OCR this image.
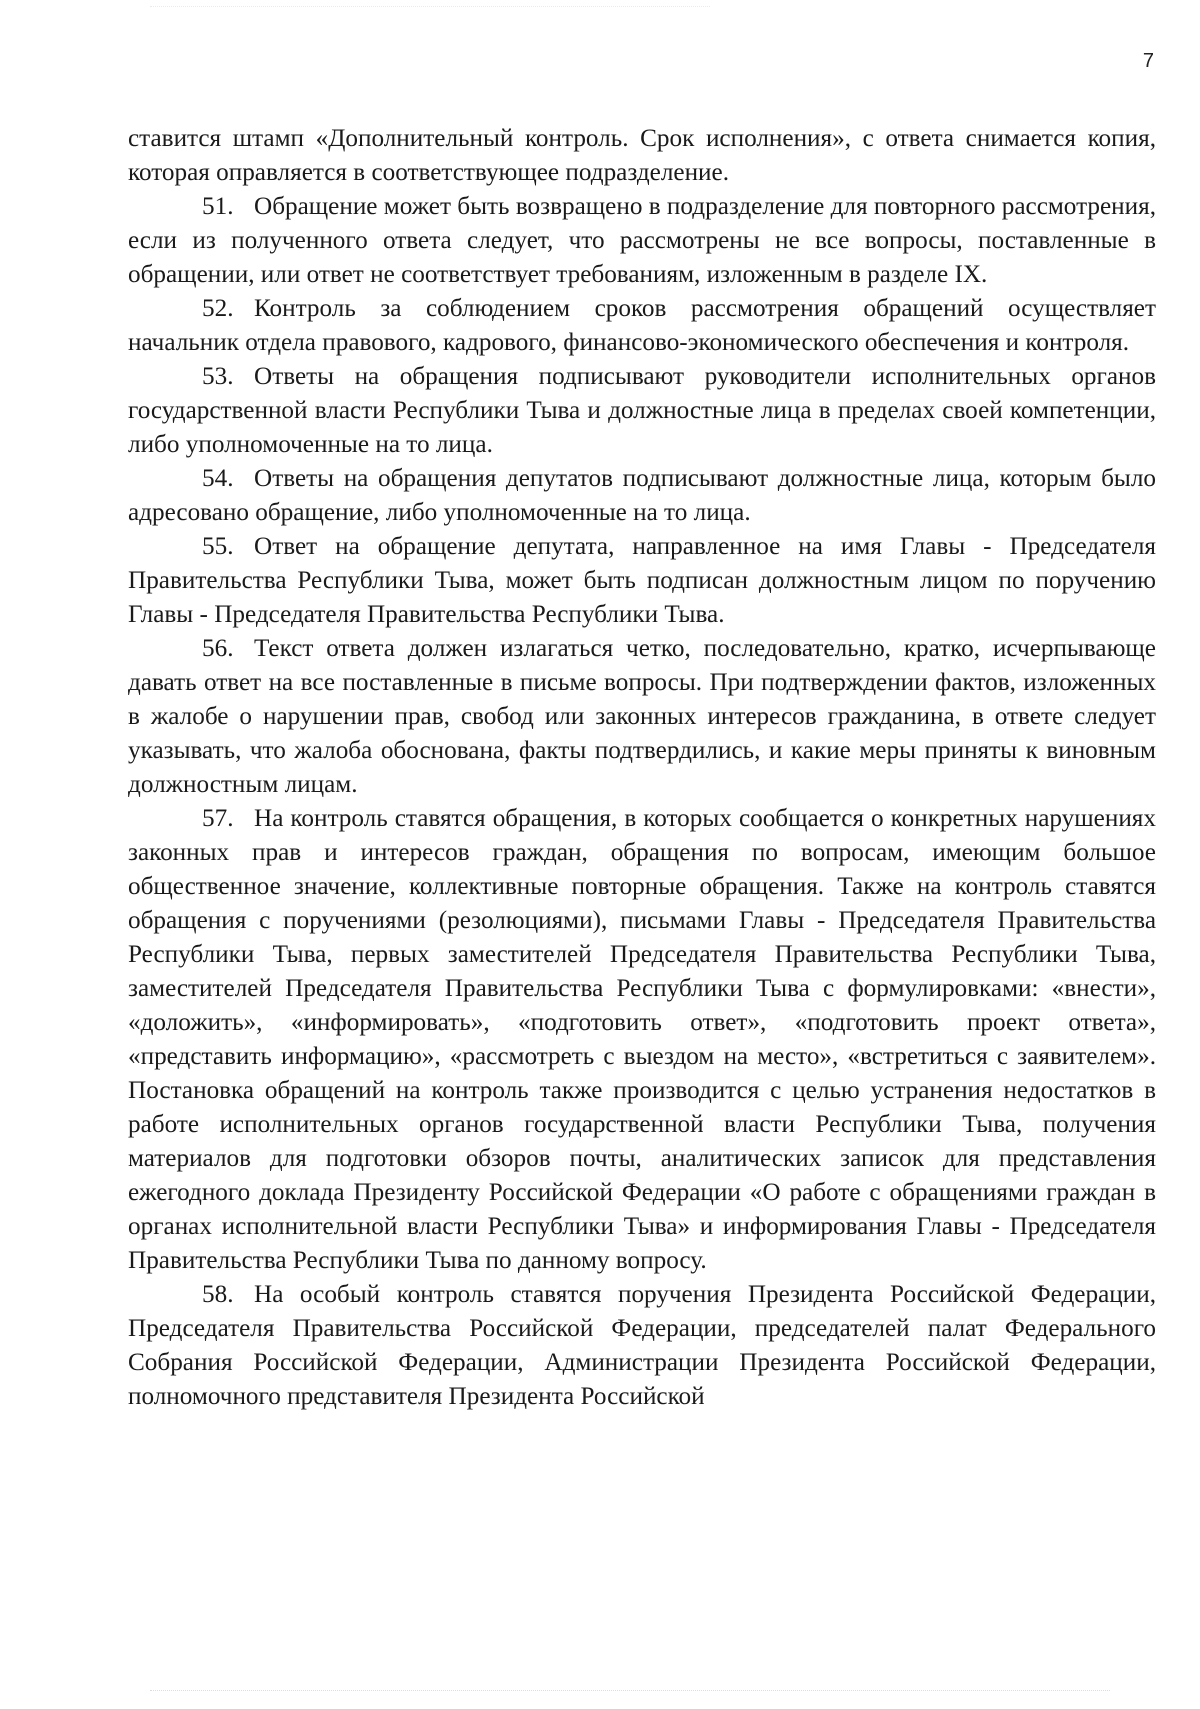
7

ставится штамп «Дополнительный контроль. Срок исполнения», с ответа снимается копия, которая оправляется в соответствующее подразделение.

51. Обращение может быть возвращено в подразделение для повторного рассмотрения, если из полученного ответа следует, что рассмотрены не все вопросы, поставленные в обращении, или ответ не соответствует требованиям, изложенным в разделе IX.

52. Контроль за соблюдением сроков рассмотрения обращений осуществляет начальник отдела правового, кадрового, финансово-экономического обеспечения и контроля.

53. Ответы на обращения подписывают руководители исполнительных органов государственной власти Республики Тыва и должностные лица в пределах своей компетенции, либо уполномоченные на то лица.

54. Ответы на обращения депутатов подписывают должностные лица, которым было адресовано обращение, либо уполномоченные на то лица.

55. Ответ на обращение депутата, направленное на имя Главы - Председателя Правительства Республики Тыва, может быть подписан должностным лицом по поручению Главы - Председателя Правительства Республики Тыва.

56. Текст ответа должен излагаться четко, последовательно, кратко, исчерпывающе давать ответ на все поставленные в письме вопросы. При подтверждении фактов, изложенных в жалобе о нарушении прав, свобод или законных интересов гражданина, в ответе следует указывать, что жалоба обоснована, факты подтвердились, и какие меры приняты к виновным должностным лицам.

57. На контроль ставятся обращения, в которых сообщается о конкретных нарушениях законных прав и интересов граждан, обращения по вопросам, имеющим большое общественное значение, коллективные повторные обращения. Также на контроль ставятся обращения с поручениями (резолюциями), письмами Главы - Председателя Правительства Республики Тыва, первых заместителей Председателя Правительства Республики Тыва, заместителей Председателя Правительства Республики Тыва с формулировками: «внести», «доложить», «информировать», «подготовить ответ», «подготовить проект ответа», «представить информацию», «рассмотреть с выездом на место», «встретиться с заявителем». Постановка обращений на контроль также производится с целью устранения недостатков в работе исполнительных органов государственной власти Республики Тыва, получения материалов для подготовки обзоров почты, аналитических записок для представления ежегодного доклада Президенту Российской Федерации «О работе с обращениями граждан в органах исполнительной власти Республики Тыва» и информирования Главы - Председателя Правительства Республики Тыва по данному вопросу.

58. На особый контроль ставятся поручения Президента Российской Федерации, Председателя Правительства Российской Федерации, председателей палат Федерального Собрания Российской Федерации, Администрации Президента Российской Федерации, полномочного представителя Президента Российской
